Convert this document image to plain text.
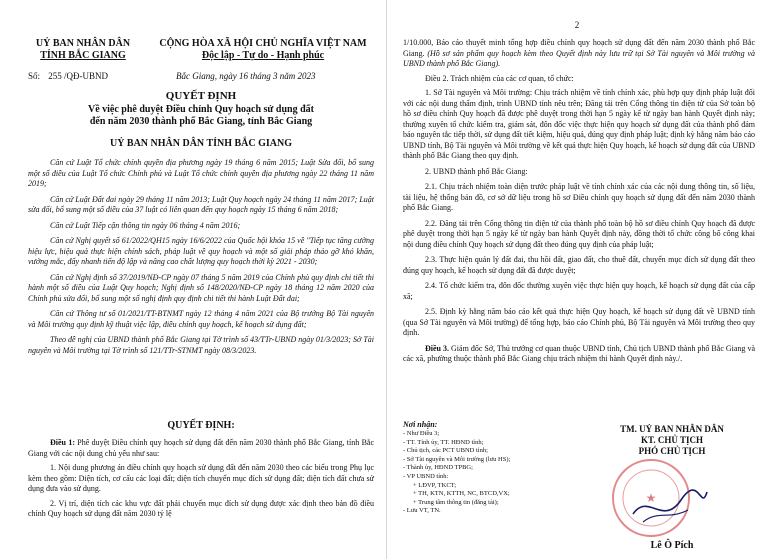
UỶ BAN NHÂN DÂN
TỈNH BẮC GIANG
CỘNG HÒA XÃ HỘI CHỦ NGHĨA VIỆT NAM
Độc lập - Tự do - Hạnh phúc
Số: 255 /QĐ-UBND	Bắc Giang, ngày 16 tháng 3 năm 2023
QUYẾT ĐỊNH
Về việc phê duyệt Điều chỉnh Quy hoạch sử dụng đất
đến năm 2030 thành phố Bắc Giang, tỉnh Bắc Giang
UỶ BAN NHÂN DÂN TỈNH BẮC GIANG

Căn cứ Luật Tổ chức chính quyền địa phương ngày 19 tháng 6 năm 2015; Luật Sửa đổi, bổ sung một số điều của Luật Tổ chức Chính phủ và Luật Tổ chức chính quyền địa phương ngày 22 tháng 11 năm 2019;

Căn cứ Luật Đất đai ngày 29 tháng 11 năm 2013; Luật Quy hoạch ngày 24 tháng 11 năm 2017; Luật sửa đổi, bổ sung một số điều của 37 luật có liên quan đến quy hoạch ngày 15 tháng 6 năm 2018;

Căn cứ Luật Tiếp cận thông tin ngày 06 tháng 4 năm 2016;

Căn cứ Nghị quyết số 61/2022/QH15 ngày 16/6/2022 của Quốc hội khóa 15 về "Tiếp tục tăng cường hiệu lực, hiệu quả thực hiện chính sách, pháp luật về quy hoạch và một số giải pháp tháo gỡ khó khăn, vướng mắc, đẩy nhanh tiến độ lập và nâng cao chất lượng quy hoạch thời kỳ 2021 - 2030;

Căn cứ Nghị định số 37/2019/NĐ-CP ngày 07 tháng 5 năm 2019 của Chính phủ quy định chi tiết thi hành một số điều của Luật Quy hoạch; Nghị định số 148/2020/NĐ-CP ngày 18 tháng 12 năm 2020 của Chính phủ sửa đổi, bổ sung một số nghị định quy định chi tiết thi hành Luật Đất đai;

Căn cứ Thông tư số 01/2021/TT-BTNMT ngày 12 tháng 4 năm 2021 của Bộ trưởng Bộ Tài nguyên và Môi trường quy định kỹ thuật việc lập, điều chỉnh quy hoạch, kế hoạch sử dụng đất;

Theo đề nghị của UBND thành phố Bắc Giang tại Tờ trình số 43/TTr-UBND ngày 01/3/2023; Sở Tài nguyên và Môi trường tại Tờ trình số 121/TTr-STNMT ngày 08/3/2023.

QUYẾT ĐỊNH:

Điều 1: Phê duyệt Điều chỉnh quy hoạch sử dụng đất đến năm 2030 thành phố Bắc Giang, tỉnh Bắc Giang với các nội dung chủ yếu như sau:

1. Nội dung phương án điều chỉnh quy hoạch sử dụng đất đến năm 2030 theo các biểu trong Phụ lục kèm theo gồm: Diện tích, cơ cấu các loại đất; diện tích chuyển mục đích sử dụng đất; diện tích đất chưa sử dụng đưa vào sử dụng.

2. Vị trí, diện tích các khu vực đất phải chuyển mục đích sử dụng được xác định theo bản đồ điều chỉnh Quy hoạch sử dụng đất năm 2030 tỷ lệ

2

1/10.000, Báo cáo thuyết minh tổng hợp điều chỉnh quy hoạch sử dụng đất đến năm 2030 thành phố Bắc Giang. (Hồ sơ sản phẩm quy hoạch kèm theo Quyết định này lưu trữ tại Sở Tài nguyên và Môi trường và UBND thành phố Bắc Giang).

Điều 2. Trách nhiệm của các cơ quan, tổ chức:

1. Sở Tài nguyên và Môi trường: Chịu trách nhiệm về tính chính xác, phù hợp quy định pháp luật đối với các nội dung thẩm định, trình UBND tỉnh nêu trên; Đăng tải trên Cổng thông tin điện tử của Sở toàn bộ hồ sơ điều chỉnh Quy hoạch đã được phê duyệt trong thời hạn 5 ngày kể từ ngày ban hành Quyết định này; thường xuyên tổ chức kiểm tra, giám sát, đôn đốc việc thực hiện quy hoạch sử dụng đất của thành phố đảm bảo nguyên tắc tiếp thời, sử dụng đất tiết kiệm, hiệu quả, đúng quy định pháp luật; định kỳ hằng năm báo cáo UBND tỉnh, Bộ Tài nguyên và Môi trường về kết quả thực hiện Quy hoạch, kế hoạch sử dụng đất của UBND thành phố Bắc Giang theo quy định.

2. UBND thành phố Bắc Giang:

2.1. Chịu trách nhiệm toàn diện trước pháp luật về tính chính xác của các nội dung thông tin, số liệu, tài liệu, hệ thống bản đồ, cơ sở dữ liệu trong hồ sơ Điều chỉnh quy hoạch sử dụng đất đến năm 2030 thành phố Bắc Giang.

2.2. Đăng tải trên Cổng thông tin điện tử của thành phố toàn bộ hồ sơ điều chỉnh Quy hoạch đã được phê duyệt trong thời hạn 5 ngày kể từ ngày ban hành Quyết định này, đồng thời tổ chức công bố công khai nội dung điều chỉnh Quy hoạch sử dụng đất theo đúng quy định của pháp luật;

2.3. Thực hiện quản lý đất đai, thu hồi đất, giao đất, cho thuê đất, chuyển mục đích sử dụng đất theo đúng quy hoạch, kế hoạch sử dụng đất đã được duyệt;

2.4. Tổ chức kiểm tra, đôn đốc thường xuyên việc thực hiện quy hoạch, kế hoạch sử dụng đất của cấp xã;

2.5. Định kỳ hằng năm báo cáo kết quả thực hiện Quy hoạch, kế hoạch sử dụng đất về UBND tỉnh (qua Sở Tài nguyên và Môi trường) để tổng hợp, báo cáo Chính phủ, Bộ Tài nguyên và Môi trường theo quy định.

Điều 3. Giám đốc Sở, Thủ trưởng cơ quan thuộc UBND tỉnh, Chủ tịch UBND thành phố Bắc Giang và các xã, phường thuộc thành phố Bắc Giang chịu trách nhiệm thi hành Quyết định này./.

Nơi nhận:
- Như Điều 3;
- TT. Tỉnh ủy, TT. HĐND tỉnh;
- Chủ tịch, các PCT UBND tỉnh;
- Sở Tài nguyên và Môi trường (lưu HS);
- Thành ủy, HĐND TPBG;
- VP UBND tỉnh:
+ LĐVP, TKCT;
+ TH, KTN, KTTH, NC, BTCD,VX;
+ Trung tâm thông tin (đăng tải);
- Lưu VT, TN.
TM. UỶ BAN NHÂN DÂN
KT. CHỦ TỊCH
PHÓ CHỦ TỊCH
★
Lê Ô Pích
